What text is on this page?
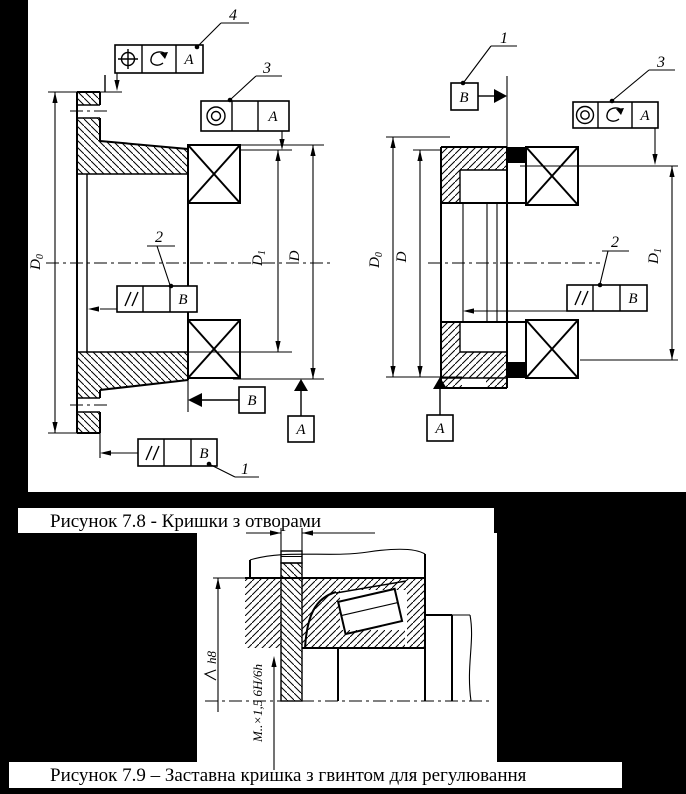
$D_0$	$D_1$ D
A
A
B
B
B
A
4
3
2
1
$D_0$ D	$D_1$
A
B
B
A
1
3
2
h8
M..×1,5 6H/6h
Рисунок 7.8 - Кришки з отворами
Рисунок 7.9 – Заставна кришка з гвинтом для регулювання
